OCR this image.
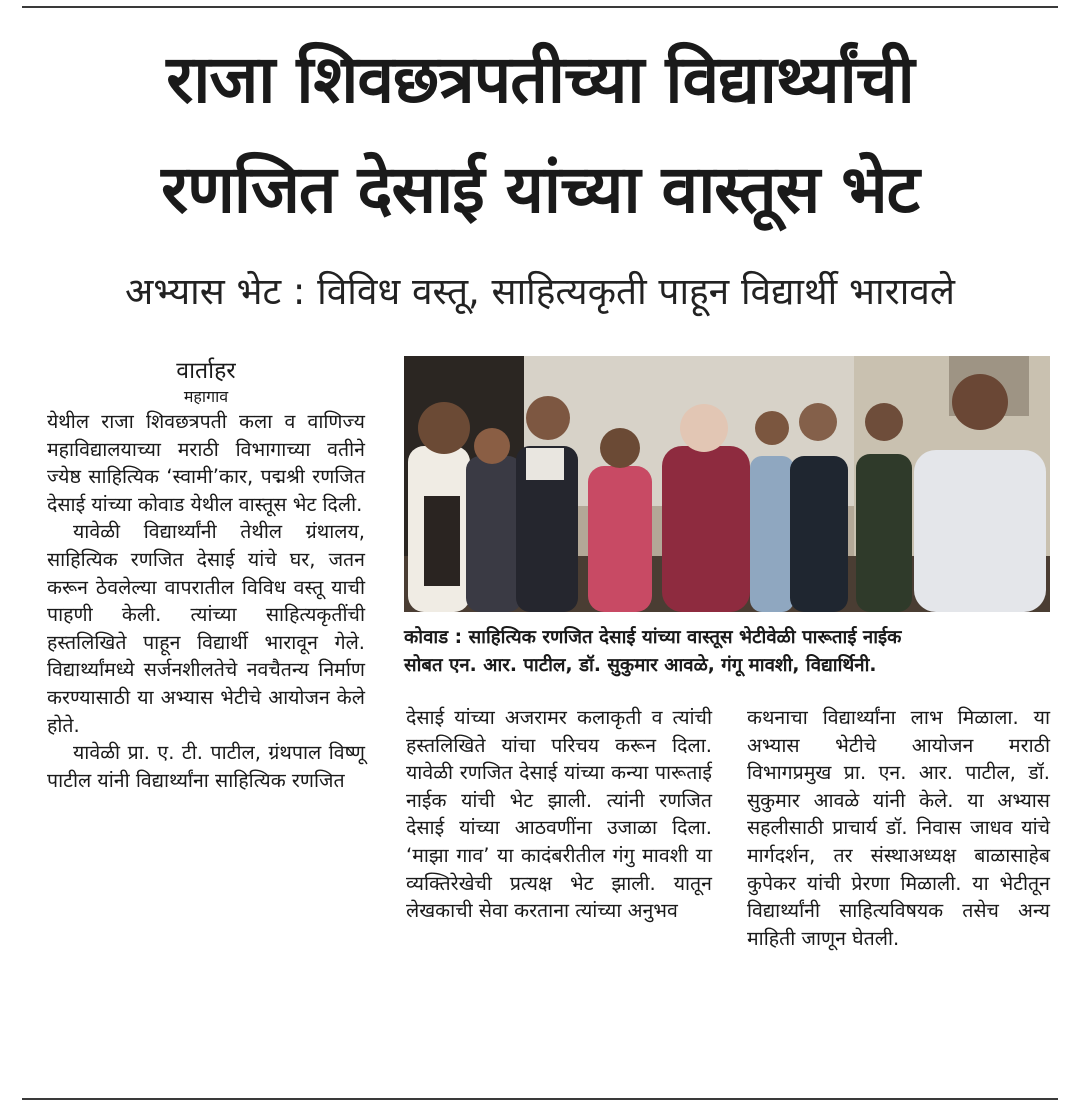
राजा शिवछत्रपतीच्या विद्यार्थ्यांची
रणजित देसाई यांच्या वास्तूस भेट
अभ्यास भेट : विविध वस्तू, साहित्यकृती पाहून विद्यार्थी भारावले

वार्ताहर

महागाव

येथील राजा शिवछत्रपती कला व वाणिज्य महाविद्यालयाच्या मराठी विभागाच्या वतीने ज्येष्ठ साहित्यिक ‘स्वामी’कार, पद्मश्री रणजित देसाई यांच्या कोवाड येथील वास्तूस भेट दिली.

यावेळी विद्यार्थ्यांनी तेथील ग्रंथालय, साहित्यिक रणजित देसाई यांचे घर, जतन करून ठेवलेल्या वापरातील विविध वस्तू याची पाहणी केली. त्यांच्या साहित्यकृतींची हस्तलिखिते पाहून विद्यार्थी भारावून गेले. विद्यार्थ्यांमध्ये सर्जनशीलतेचे नवचैतन्य निर्माण करण्यासाठी या अभ्यास भेटीचे आयोजन केले होते.

यावेळी प्रा. ए. टी. पाटील, ग्रंथपाल विष्णू पाटील यांनी विद्यार्थ्यांना साहित्यिक रणजित

कोवाड : साहित्यिक रणजित देसाई यांच्या वास्तूस भेटीवेळी पारूताई नाईक
सोबत एन. आर. पाटील, डॉ. सुकुमार आवळे, गंगू मावशी, विद्यार्थिनी.

देसाई यांच्या अजरामर कलाकृती व त्यांची हस्तलिखिते यांचा परिचय करून दिला. यावेळी रणजित देसाई यांच्या कन्या पारूताई नाईक यांची भेट झाली. त्यांनी रणजित देसाई यांच्या आठवणींना उजाळा दिला. ‘माझा गाव’ या कादंबरीतील गंगु मावशी या व्यक्तिरेखेची प्रत्यक्ष भेट झाली. यातून लेखकाची सेवा करताना त्यांच्या अनुभव

कथनाचा विद्यार्थ्यांना लाभ मिळाला. या अभ्यास भेटीचे आयोजन मराठी विभागप्रमुख प्रा. एन. आर. पाटील, डॉ. सुकुमार आवळे यांनी केले. या अभ्यास सहलीसाठी प्राचार्य डॉ. निवास जाधव यांचे मार्गदर्शन, तर संस्थाअध्यक्ष बाळासाहेब कुपेकर यांची प्रेरणा मिळाली. या भेटीतून विद्यार्थ्यांनी साहित्यविषयक तसेच अन्य माहिती जाणून घेतली.
